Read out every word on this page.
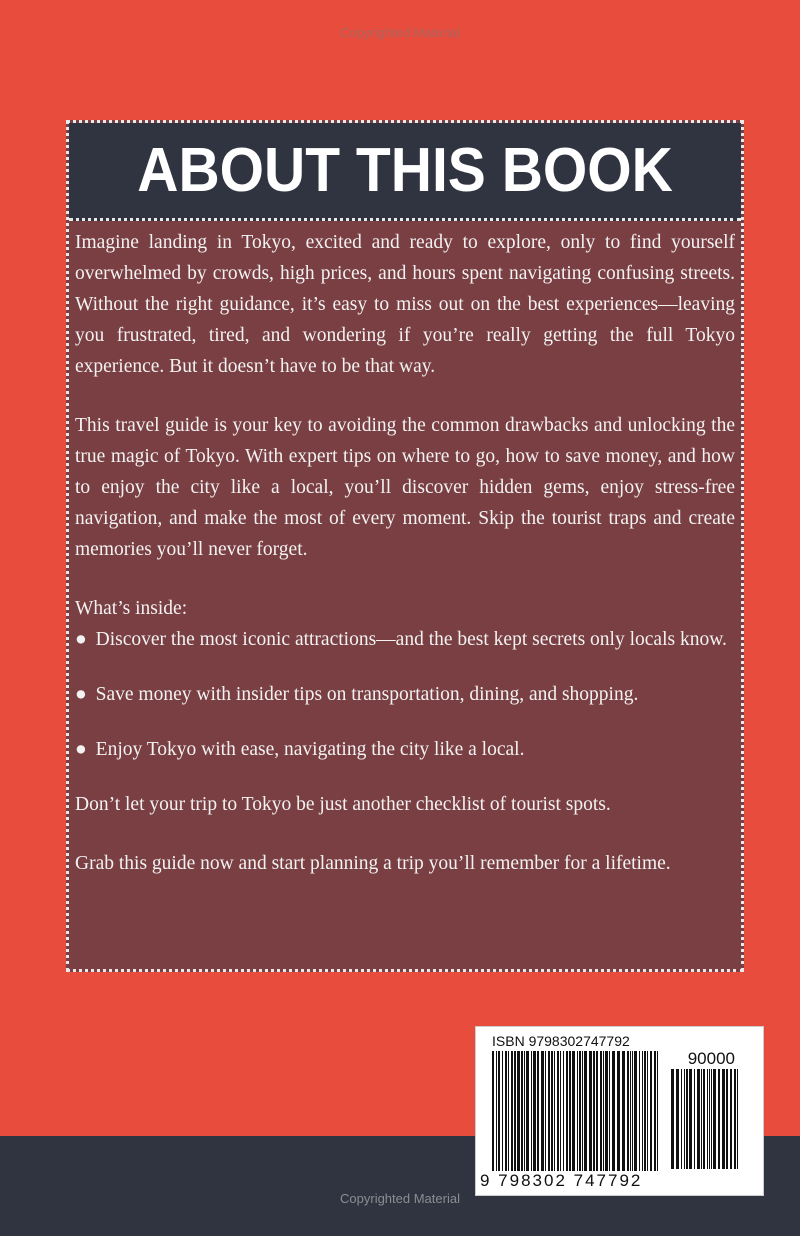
Copyrighted Material
ABOUT THIS BOOK

Imagine landing in Tokyo, excited and ready to explore, only to find yourself overwhelmed by crowds, high prices, and hours spent navigating confusing streets. Without the right guidance, it’s easy to miss out on the best experiences—leaving you frustrated, tired, and wondering if you’re really getting the full Tokyo experience. But it doesn’t have to be that way.

This travel guide is your key to avoiding the common drawbacks and unlocking the true magic of Tokyo. With expert tips on where to go, how to save money, and how to enjoy the city like a local, you’ll discover hidden gems, enjoy stress-free navigation, and make the most of every moment. Skip the tourist traps and create memories you’ll never forget.

What’s inside:

● Discover the most iconic attractions—and the best kept secrets only locals know.
● Save money with insider tips on transportation, dining, and shopping.
● Enjoy Tokyo with ease, navigating the city like a local.

Don’t let your trip to Tokyo be just another checklist of tourist spots.

Grab this guide now and start planning a trip you’ll remember for a lifetime.

ISBN 9798302747792
90000
9 798302 747792
Copyrighted Material
